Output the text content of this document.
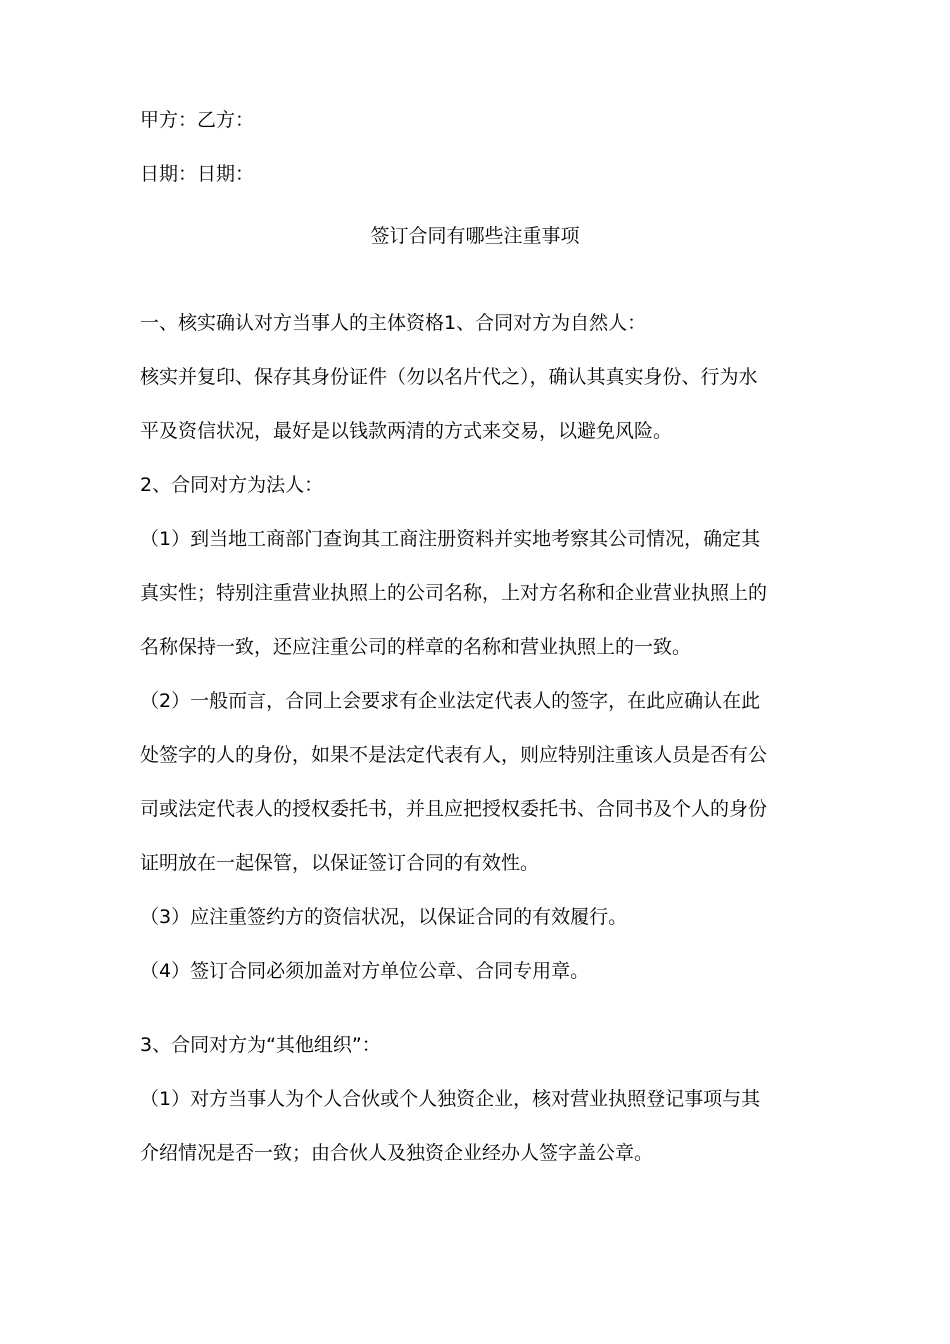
甲方：乙方：
日期：日期：
签订合同有哪些注重事项
一、核实确认对方当事人的主体资格1、合同对方为自然人：
核实并复印、保存其身份证件（勿以名片代之），确认其真实身份、行为水
平及资信状况，最好是以钱款两清的方式来交易，以避免风险。
2、合同对方为法人：
（1）到当地工商部门查询其工商注册资料并实地考察其公司情况，确定其
真实性；特别注重营业执照上的公司名称，上对方名称和企业营业执照上的
名称保持一致，还应注重公司的样章的名称和营业执照上的一致。
（2）一般而言，合同上会要求有企业法定代表人的签字，在此应确认在此
处签字的人的身份，如果不是法定代表有人，则应特别注重该人员是否有公
司或法定代表人的授权委托书，并且应把授权委托书、合同书及个人的身份
证明放在一起保管，以保证签订合同的有效性。
（3）应注重签约方的资信状况，以保证合同的有效履行。
（4）签订合同必须加盖对方单位公章、合同专用章。
3、合同对方为“其他组织”：
（1）对方当事人为个人合伙或个人独资企业，核对营业执照登记事项与其
介绍情况是否一致；由合伙人及独资企业经办人签字盖公章。
